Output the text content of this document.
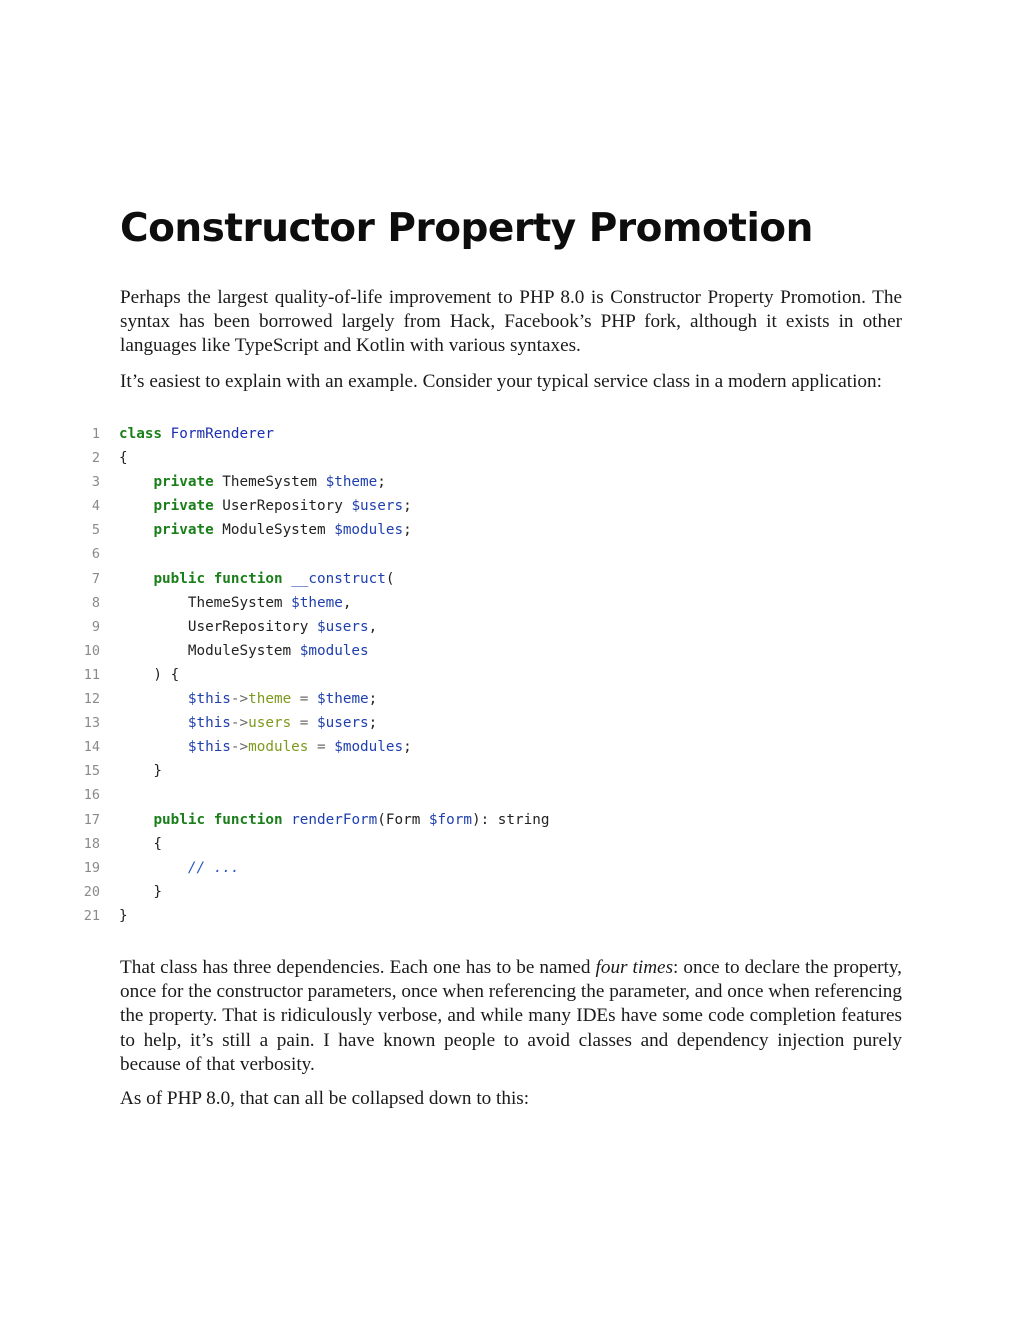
Constructor Property Promotion

Perhaps the largest quality-of-life improvement to PHP 8.0 is Constructor Property Promotion. The syntax has been borrowed largely from Hack, Facebook’s PHP fork, although it exists in other languages like TypeScript and Kotlin with various syntaxes.

It’s easiest to explain with an example. Consider your typical service class in a modern application:

1 class FormRenderer
2 {
3	private ThemeSystem $theme;
4	private UserRepository $users;
5	private ModuleSystem $modules;
6
7	public function __construct(
8 ThemeSystem $theme,
9 UserRepository $users,
10 ModuleSystem $modules
11 ) {
12	$this->theme = $theme;
13	$this->users = $users;
14	$this->modules = $modules;
15 }
16
17	public function renderForm(Form $form): string
18 {
19	// ...
20 }
21 }

That class has three dependencies. Each one has to be named four times: once to declare the property, once for the constructor parameters, once when referencing the parameter, and once when referencing the property. That is ridiculously verbose, and while many IDEs have some code completion features to help, it’s still a pain. I have known people to avoid classes and dependency injection purely because of that verbosity.

As of PHP 8.0, that can all be collapsed down to this:
